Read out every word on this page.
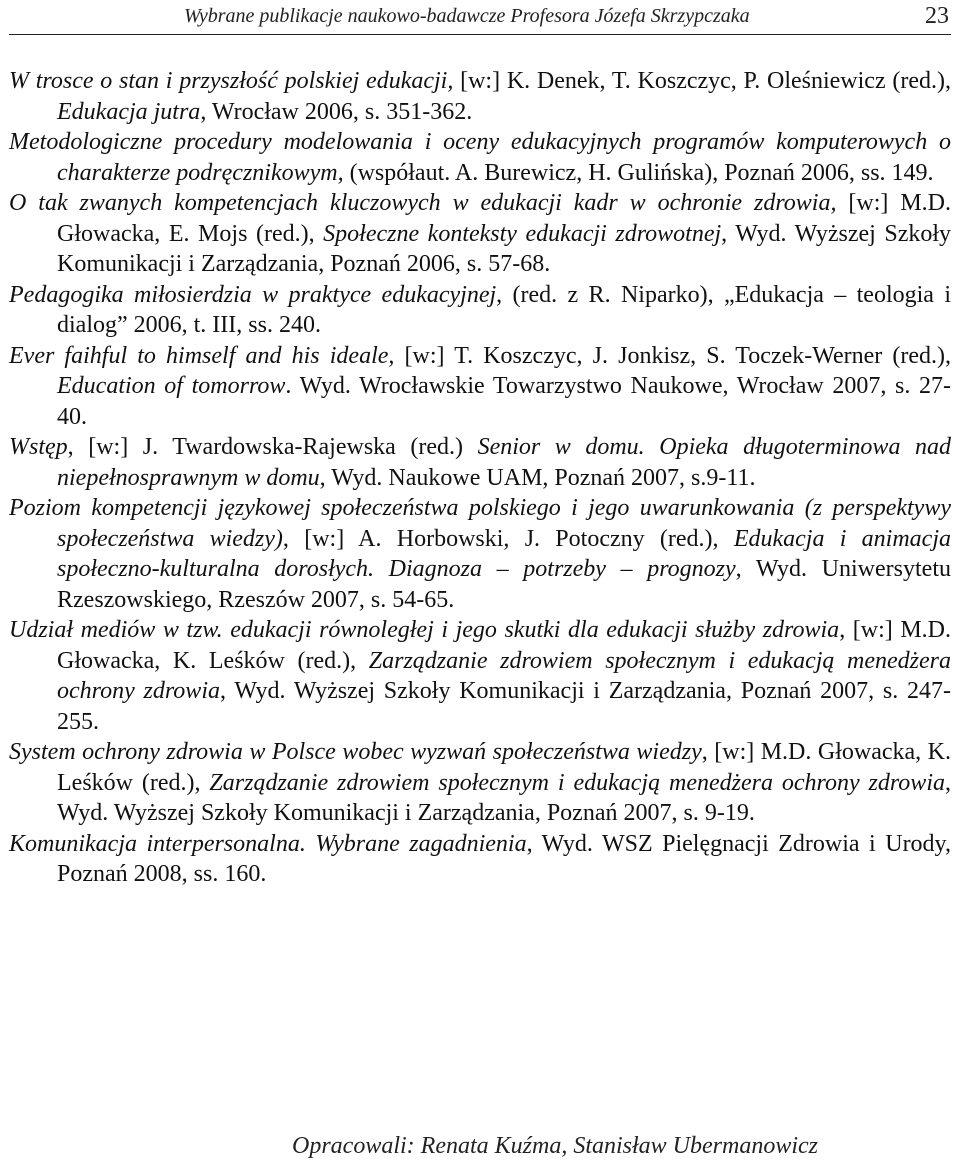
Wybrane publikacje naukowo-badawcze Profesora Józefa Skrzypczaka	23

W trosce o stan i przyszłość polskiej edukacji, [w:] K. Denek, T. Koszczyc, P. Oleśniewicz (red.), Edukacja jutra, Wrocław 2006, s. 351-362.

Metodologiczne procedury modelowania i oceny edukacyjnych programów komputerowych o charakterze podręcznikowym, (współaut. A. Burewicz, H. Gulińska), Poznań 2006, ss. 149.

O tak zwanych kompetencjach kluczowych w edukacji kadr w ochronie zdrowia, [w:] M.D. Głowacka, E. Mojs (red.), Społeczne konteksty edukacji zdrowotnej, Wyd. Wyższej Szkoły Komunikacji i Zarządzania, Poznań 2006, s. 57-68.

Pedagogika miłosierdzia w praktyce edukacyjnej, (red. z R. Niparko), „Edukacja – teologia i dialog” 2006, t. III, ss. 240.

Ever faihful to himself and his ideale, [w:] T. Koszczyc, J. Jonkisz, S. Toczek-Werner (red.), Education of tomorrow. Wyd. Wrocławskie Towarzystwo Naukowe, Wrocław 2007, s. 27-40.

Wstęp, [w:] J. Twardowska-Rajewska (red.) Senior w domu. Opieka długoterminowa nad niepełnosprawnym w domu, Wyd. Naukowe UAM, Poznań 2007, s.9-11.

Poziom kompetencji językowej społeczeństwa polskiego i jego uwarunkowania (z perspektywy społeczeństwa wiedzy), [w:] A. Horbowski, J. Potoczny (red.), Edukacja i animacja społeczno-kulturalna dorosłych. Diagnoza – potrzeby – prognozy, Wyd. Uniwersytetu Rzeszowskiego, Rzeszów 2007, s. 54-65.

Udział mediów w tzw. edukacji równoległej i jego skutki dla edukacji służby zdrowia, [w:] M.D. Głowacka, K. Leśków (red.), Zarządzanie zdrowiem społecznym i edukacją menedżera ochrony zdrowia, Wyd. Wyższej Szkoły Komunikacji i Zarządzania, Poznań 2007, s. 247-255.

System ochrony zdrowia w Polsce wobec wyzwań społeczeństwa wiedzy, [w:] M.D. Głowacka, K. Leśków (red.), Zarządzanie zdrowiem społecznym i edukacją menedżera ochrony zdrowia, Wyd. Wyższej Szkoły Komunikacji i Zarządzania, Poznań 2007, s. 9-19.

Komunikacja interpersonalna. Wybrane zagadnienia, Wyd. WSZ Pielęgnacji Zdrowia i Urody, Poznań 2008, ss. 160.

Opracowali: Renata Kuźma, Stanisław Ubermanowicz
